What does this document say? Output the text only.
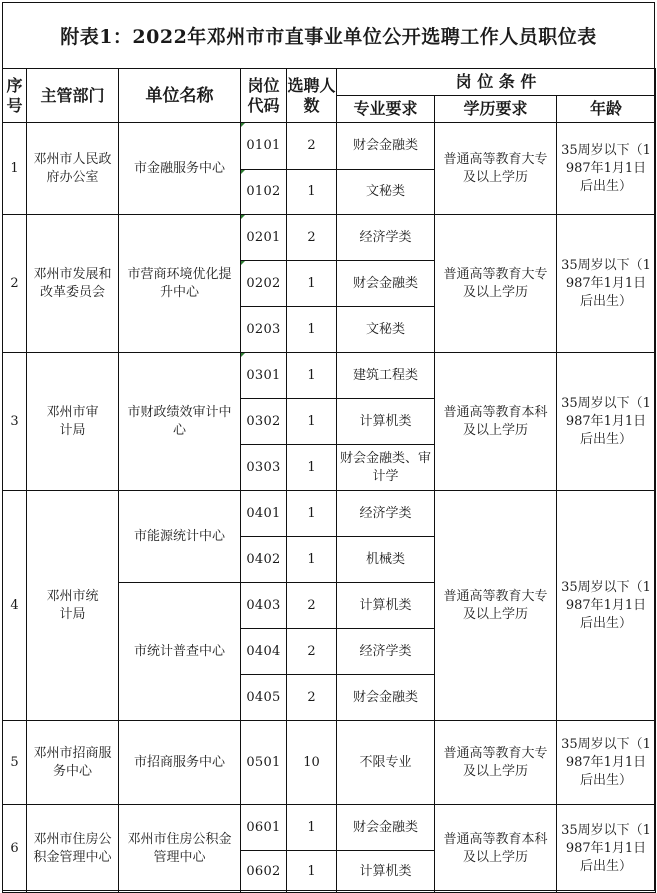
附表1：2022年邓州市市直事业单位公开选聘工作人员职位表
序号	主管部门	单位名称	岗位代码	选聘人数	岗 位 条 件		
					专业要求	学历要求	年龄
1	邓州市人民政府办公室	市金融服务中心	0101	2	财会金融类	普通高等教育大专及以上学历	35周岁以下（1987年1月1日后出生）

			0102	1	文秘类		
2	邓州市发展和改革委员会	市营商环境优化提升中心	0201	2	经济学类	普通高等教育大专及以上学历	35周岁以下（1987年1月1日后出生）

			0202	1	财会金融类		
			0203	1	文秘类		
3	邓州市审计局	市财政绩效审计中心	0301	1	建筑工程类	普通高等教育本科及以上学历	35周岁以下（1987年1月1日后出生）

			0302	1	计算机类		
			0303	1	财会金融类、审计学		

4	邓州市统计局	市能源统计中心	0401	1	经济学类	普通高等教育大专及以上学历	35周岁以下（1987年1月1日后出生）

			0402	1	机械类		

		市统计普查中心	0403	2	计算机类		
			0404	2	经济学类		
			0405	2	财会金融类		
5	邓州市招商服务中心	市招商服务中心	0501	10	不限专业	普通高等教育大专及以上学历	35周岁以下（1987年1月1日后出生）

6	邓州市住房公积金管理中心	邓州市住房公积金管理中心	0601	1	财会金融类	普通高等教育本科及以上学历	35周岁以下（1987年1月1日后出生）

			0602	1	计算机类		
